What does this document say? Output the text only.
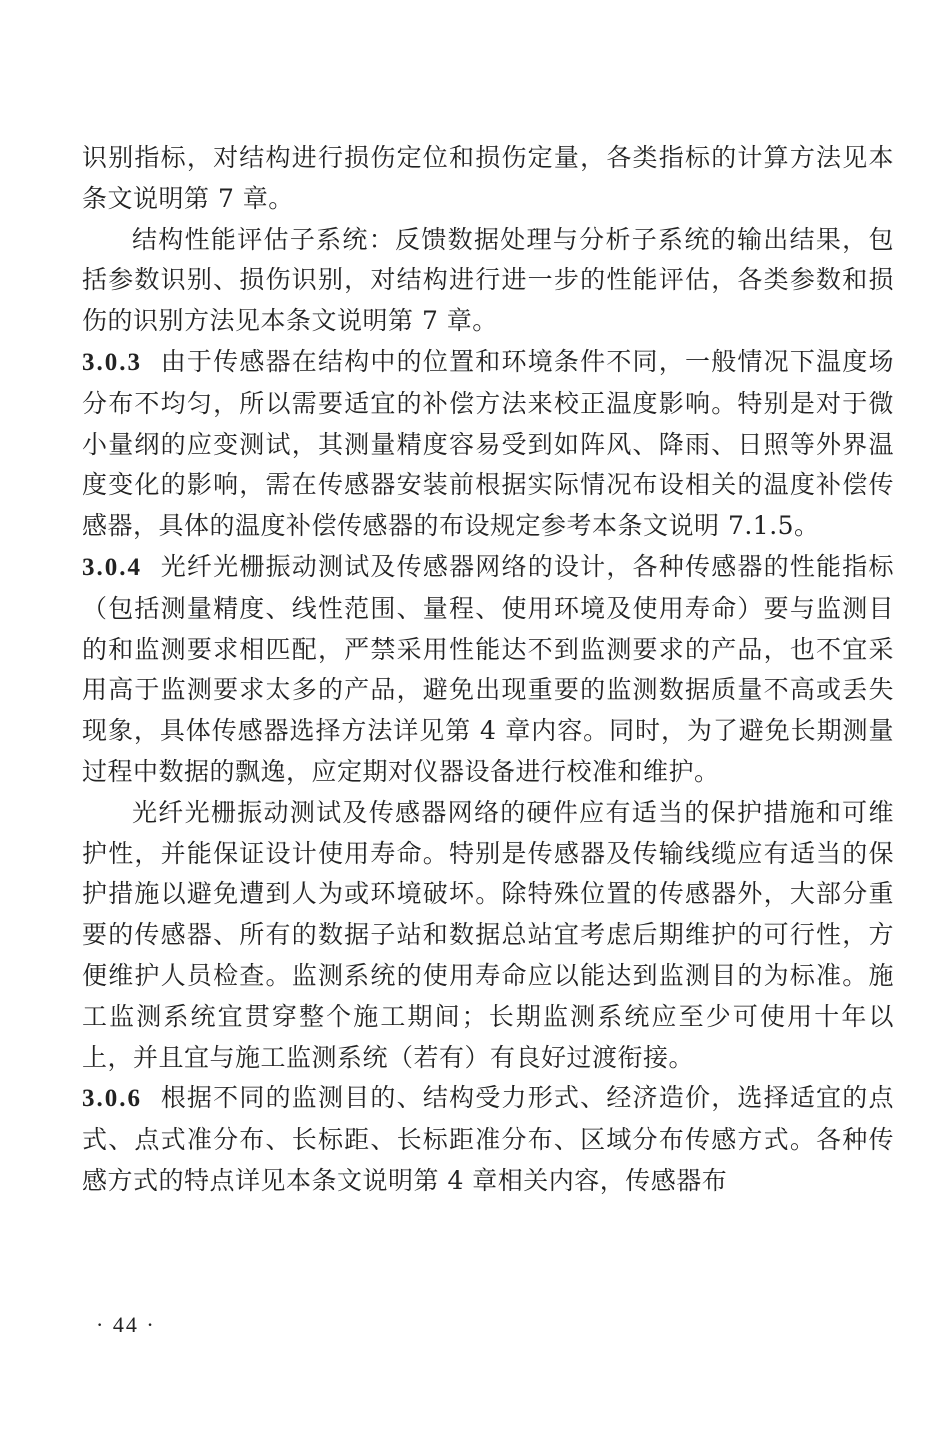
识别指标，对结构进行损伤定位和损伤定量，各类指标的计算方法见本条文说明第 7 章。

结构性能评估子系统：反馈数据处理与分析子系统的输出结果，包括参数识别、损伤识别，对结构进行进一步的性能评估，各类参数和损伤的识别方法见本条文说明第 7 章。

3.0.3 由于传感器在结构中的位置和环境条件不同，一般情况下温度场分布不均匀，所以需要适宜的补偿方法来校正温度影响。特别是对于微小量纲的应变测试，其测量精度容易受到如阵风、降雨、日照等外界温度变化的影响，需在传感器安装前根据实际情况布设相关的温度补偿传感器，具体的温度补偿传感器的布设规定参考本条文说明 7.1.5。

3.0.4 光纤光栅振动测试及传感器网络的设计，各种传感器的性能指标（包括测量精度、线性范围、量程、使用环境及使用寿命）要与监测目的和监测要求相匹配，严禁采用性能达不到监测要求的产品，也不宜采用高于监测要求太多的产品，避免出现重要的监测数据质量不高或丢失现象，具体传感器选择方法详见第 4 章内容。同时，为了避免长期测量过程中数据的飘逸，应定期对仪器设备进行校准和维护。

光纤光栅振动测试及传感器网络的硬件应有适当的保护措施和可维护性，并能保证设计使用寿命。特别是传感器及传输线缆应有适当的保护措施以避免遭到人为或环境破坏。除特殊位置的传感器外，大部分重要的传感器、所有的数据子站和数据总站宜考虑后期维护的可行性，方便维护人员检查。监测系统的使用寿命应以能达到监测目的为标准。施工监测系统宜贯穿整个施工期间；长期监测系统应至少可使用十年以上，并且宜与施工监测系统（若有）有良好过渡衔接。

3.0.6 根据不同的监测目的、结构受力形式、经济造价，选择适宜的点式、点式准分布、长标距、长标距准分布、区域分布传感方式。各种传感方式的特点详见本条文说明第 4 章相关内容，传感器布

· 44 ·
